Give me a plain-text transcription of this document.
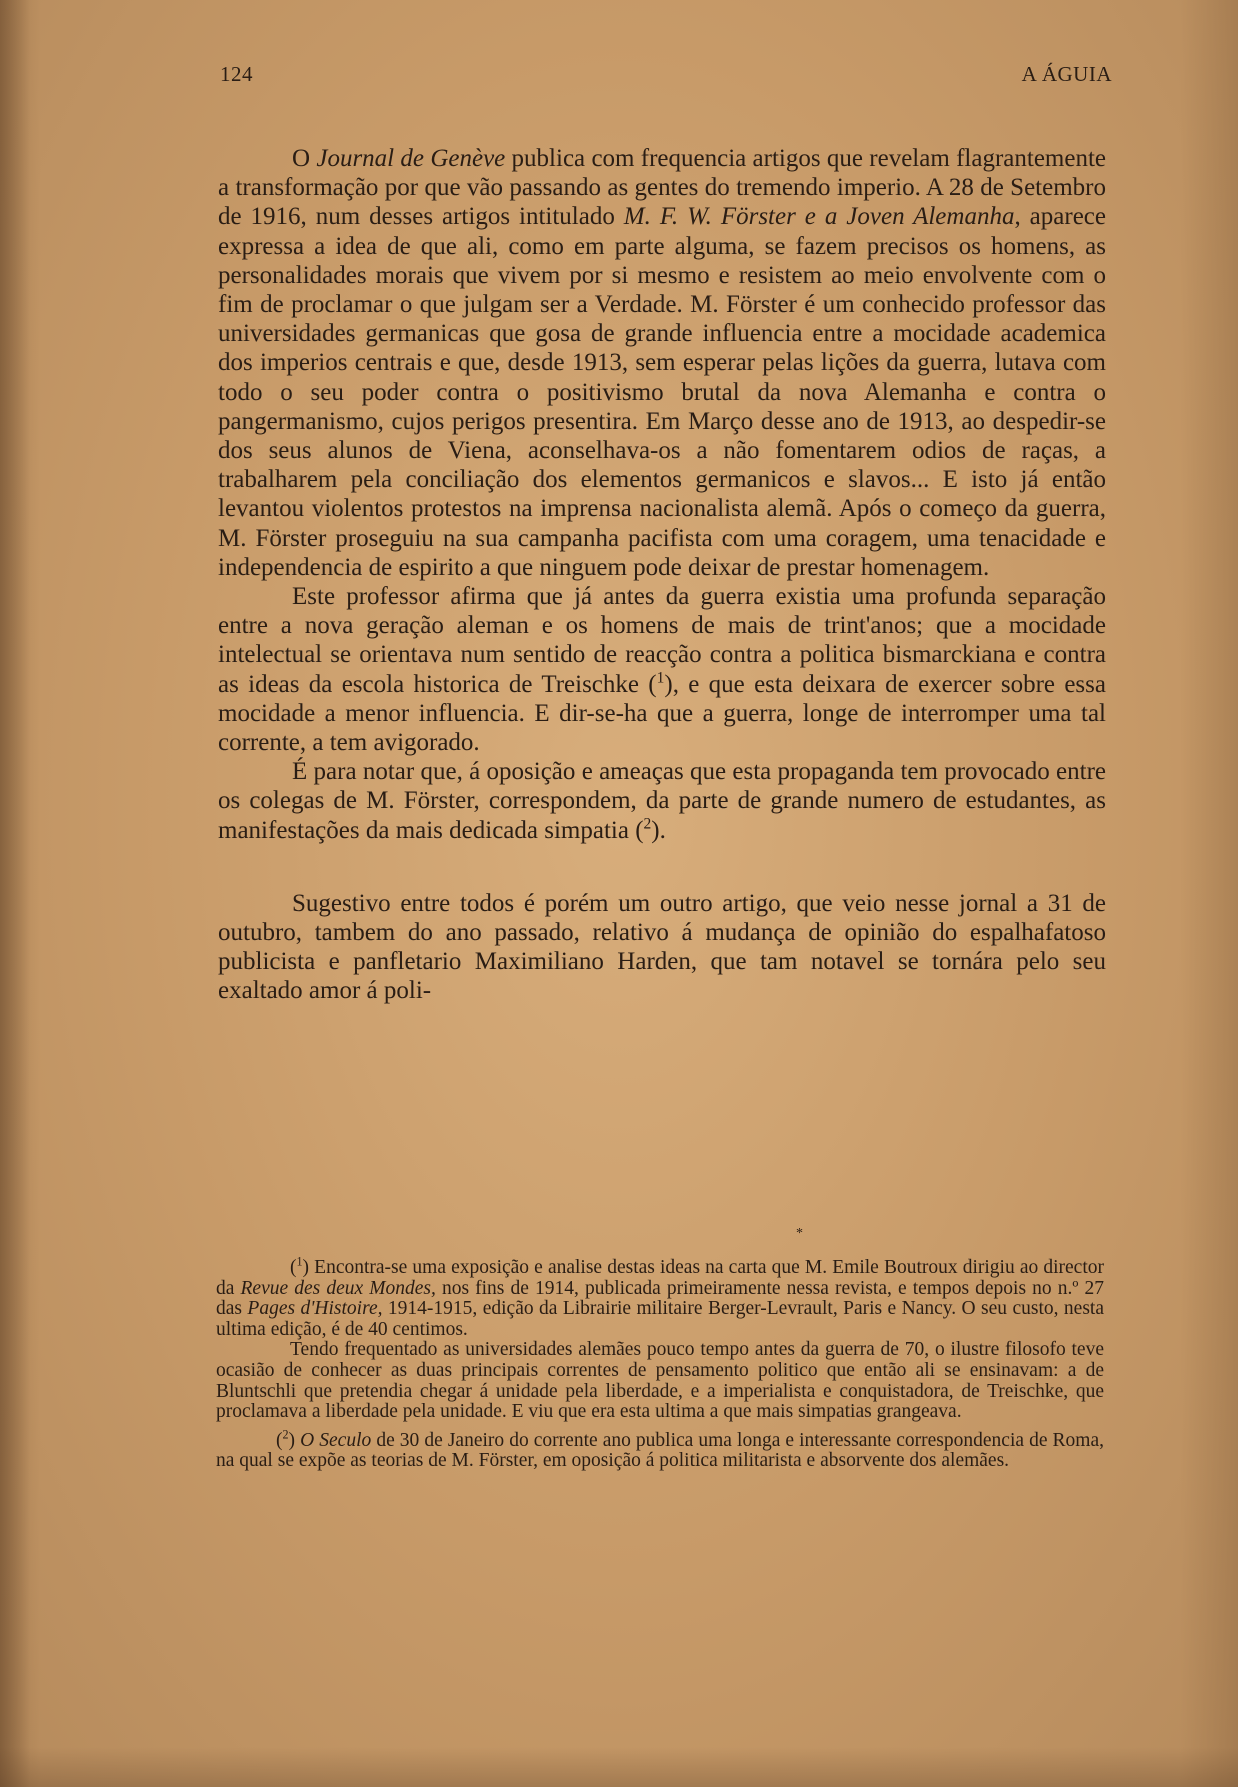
124	A ÁGUIA

O Journal de Genève publica com frequencia artigos que revelam flagrantemente a transformação por que vão passando as gentes do tremendo imperio. A 28 de Setembro de 1916, num desses artigos intitulado M. F. W. Förster e a Joven Alemanha, aparece expressa a idea de que ali, como em parte alguma, se fazem precisos os homens, as personalidades morais que vivem por si mesmo e resistem ao meio envolvente com o fim de proclamar o que julgam ser a Verdade. M. Förster é um conhecido professor das universidades germanicas que gosa de grande influencia entre a mocidade academica dos imperios centrais e que, desde 1913, sem esperar pelas lições da guerra, lutava com todo o seu poder contra o positivismo brutal da nova Alemanha e contra o pangermanismo, cujos perigos presentira. Em Março desse ano de 1913, ao despedir-se dos seus alunos de Viena, aconselhava-os a não fomentarem odios de raças, a trabalharem pela conciliação dos elementos germanicos e slavos... E isto já então levantou violentos protestos na imprensa nacionalista alemã. Após o começo da guerra, M. Förster proseguiu na sua campanha pacifista com uma coragem, uma tenacidade e independencia de espirito a que ninguem pode deixar de prestar homenagem.

Este professor afirma que já antes da guerra existia uma profunda separação entre a nova geração aleman e os homens de mais de trint'anos; que a mocidade intelectual se orientava num sentido de reacção contra a politica bismarckiana e contra as ideas da escola historica de Treischke ($^1$), e que esta deixara de exercer sobre essa mocidade a menor influencia. E dir-se-ha que a guerra, longe de interromper uma tal corrente, a tem avigorado.

É para notar que, á oposição e ameaças que esta propaganda tem provocado entre os colegas de M. Förster, correspondem, da parte de grande numero de estudantes, as manifestações da mais dedicada simpatia ($^2$).

Sugestivo entre todos é porém um outro artigo, que veio nesse jornal a 31 de outubro, tambem do ano passado, relativo á mudança de opinião do espalhafatoso publicista e panfletario Maximiliano Harden, que tam notavel se tornára pelo seu exaltado amor á poli-

*

($^1$) Encontra-se uma exposição e analise destas ideas na carta que M. Emile Boutroux dirigiu ao director da Revue des deux Mondes, nos fins de 1914, publicada primeiramente nessa revista, e tempos depois no n.º 27 das Pages d'Histoire, 1914-1915, edição da Librairie militaire Berger-Levrault, Paris e Nancy. O seu custo, nesta ultima edição, é de 40 centimos.

Tendo frequentado as universidades alemães pouco tempo antes da guerra de 70, o ilustre filosofo teve ocasião de conhecer as duas principais correntes de pensamento politico que então ali se ensinavam: a de Bluntschli que pretendia chegar á unidade pela liberdade, e a imperialista e conquistadora, de Treischke, que proclamava a liberdade pela unidade. E viu que era esta ultima a que mais simpatias grangeava.

($^2$) O Seculo de 30 de Janeiro do corrente ano publica uma longa e interessante correspondencia de Roma, na qual se expõe as teorias de M. Förster, em oposição á politica militarista e absorvente dos alemães.
